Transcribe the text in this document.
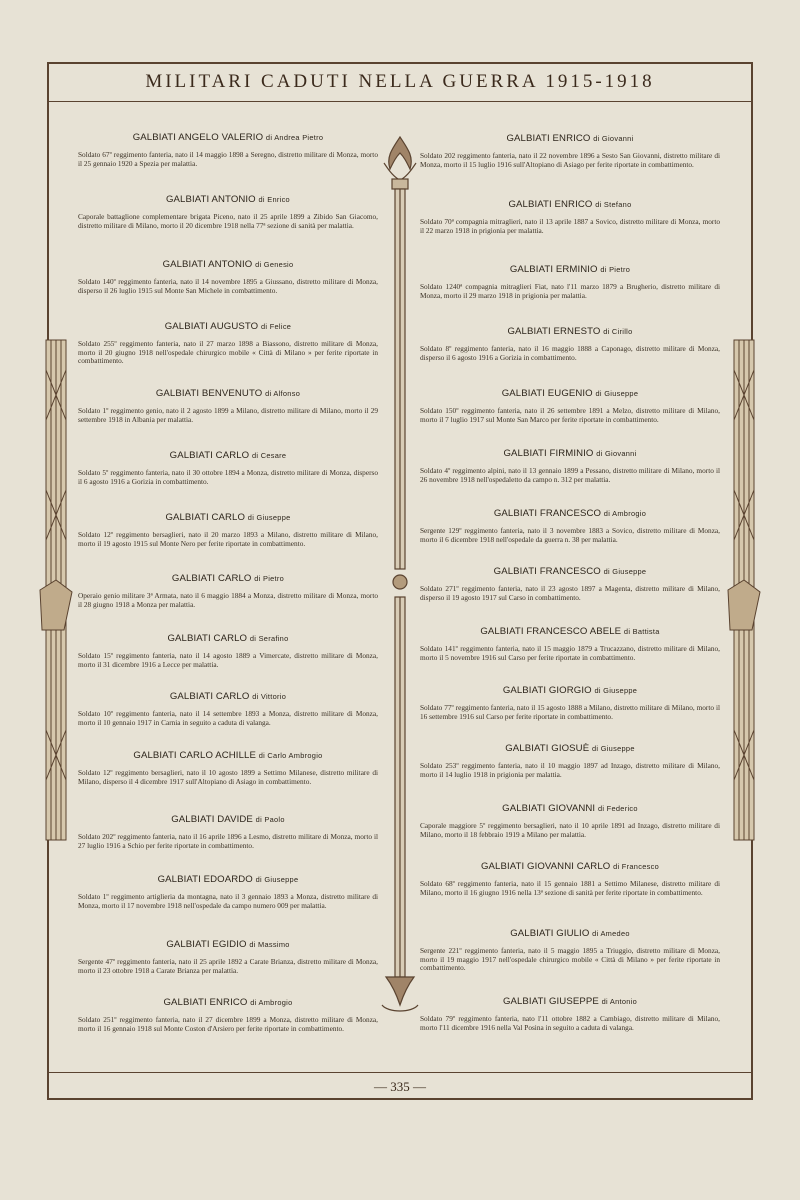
MILITARI CADUTI NELLA GUERRA 1915-1918
GALBIATI ANGELO VALERIO di Andrea Pietro
Soldato 67º reggimento fanteria, nato il 14 maggio 1898 a Seregno, distretto militare di Monza, morto il 25 gennaio 1920 a Spezia per malattia.
GALBIATI ANTONIO di Enrico
Caporale battaglione complementare brigata Piceno, nato il 25 aprile 1899 a Zibido San Giacomo, distretto militare di Milano, morto il 20 dicembre 1918 nella 77ª sezione di sanità per malattia.
GALBIATI ANTONIO di Genesio
Soldato 140º reggimento fanteria, nato il 14 novembre 1895 a Giussano, distretto militare di Monza, disperso il 26 luglio 1915 sul Monte San Michele in combattimento.
GALBIATI AUGUSTO di Felice
Soldato 255º reggimento fanteria, nato il 27 marzo 1898 a Biassono, distretto militare di Monza, morto il 20 giugno 1918 nell'ospedale chirurgico mobile « Città di Milano » per ferite riportate in combattimento.
GALBIATI BENVENUTO di Alfonso
Soldato 1º reggimento genio, nato il 2 agosto 1899 a Milano, distretto militare di Milano, morto il 29 settembre 1918 in Albania per malattia.
GALBIATI CARLO di Cesare
Soldato 5º reggimento fanteria, nato il 30 ottobre 1894 a Monza, distretto militare di Monza, disperso il 6 agosto 1916 a Gorizia in combattimento.
GALBIATI CARLO di Giuseppe
Soldato 12º reggimento bersaglieri, nato il 20 marzo 1893 a Milano, distretto militare di Milano, morto il 19 agosto 1915 sul Monte Nero per ferite riportate in combattimento.
GALBIATI CARLO di Pietro
Operaio genio militare 3ª Armata, nato il 6 maggio 1884 a Monza, distretto militare di Monza, morto il 28 giugno 1918 a Monza per malattia.
GALBIATI CARLO di Serafino
Soldato 15º reggimento fanteria, nato il 14 agosto 1889 a Vimercate, distretto militare di Monza, morto il 31 dicembre 1916 a Lecce per malattia.
GALBIATI CARLO di Vittorio
Soldato 10º reggimento fanteria, nato il 14 settembre 1893 a Monza, distretto militare di Monza, morto il 10 gennaio 1917 in Carnia in seguito a caduta di valanga.
GALBIATI CARLO ACHILLE di Carlo Ambrogio
Soldato 12º reggimento bersaglieri, nato il 10 agosto 1899 a Settimo Milanese, distretto militare di Milano, disperso il 4 dicembre 1917 sull'Altopiano di Asiago in combattimento.
GALBIATI DAVIDE di Paolo
Soldato 202º reggimento fanteria, nato il 16 aprile 1896 a Lesmo, distretto militare di Monza, morto il 27 luglio 1916 a Schio per ferite riportate in combattimento.
GALBIATI EDOARDO di Giuseppe
Soldato 1º reggimento artiglieria da montagna, nato il 3 gennaio 1893 a Monza, distretto militare di Monza, morto il 17 novembre 1918 nell'ospedale da campo numero 009 per malattia.
GALBIATI EGIDIO di Massimo
Sergente 47º reggimento fanteria, nato il 25 aprile 1892 a Carate Brianza, distretto militare di Monza, morto il 23 ottobre 1918 a Carate Brianza per malattia.
GALBIATI ENRICO di Ambrogio
Soldato 251º reggimento fanteria, nato il 27 dicembre 1899 a Monza, distretto militare di Monza, morto il 16 gennaio 1918 sul Monte Coston d'Arsiero per ferite riportate in combattimento.
GALBIATI ENRICO di Giovanni
Soldato 202 reggimento fanteria, nato il 22 novembre 1896 a Sesto San Giovanni, distretto militare di Monza, morto il 15 luglio 1916 sull'Altopiano di Asiago per ferite riportate in combattimento.
GALBIATI ENRICO di Stefano
Soldato 70ª compagnia mitraglieri, nato il 13 aprile 1887 a Sovico, distretto militare di Monza, morto il 22 marzo 1918 in prigionia per malattia.
GALBIATI ERMINIO di Pietro
Soldato 1240ª compagnia mitraglieri Fiat, nato l'11 marzo 1879 a Brugherio, distretto militare di Monza, morto il 29 marzo 1918 in prigionia per malattia.
GALBIATI ERNESTO di Cirillo
Soldato 8º reggimento fanteria, nato il 16 maggio 1888 a Caponago, distretto militare di Monza, disperso il 6 agosto 1916 a Gorizia in combattimento.
GALBIATI EUGENIO di Giuseppe
Soldato 150º reggimento fanteria, nato il 26 settembre 1891 a Melzo, distretto militare di Milano, morto il 7 luglio 1917 sul Monte San Marco per ferite riportate in combattimento.
GALBIATI FIRMINIO di Giovanni
Soldato 4º reggimento alpini, nato il 13 gennaio 1899 a Pessano, distretto militare di Milano, morto il 26 novembre 1918 nell'ospedaletto da campo n. 312 per malattia.
GALBIATI FRANCESCO di Ambrogio
Sergente 129º reggimento fanteria, nato il 3 novembre 1883 a Sovico, distretto militare di Monza, morto il 6 dicembre 1918 nell'ospedale da guerra n. 38 per malattia.
GALBIATI FRANCESCO di Giuseppe
Soldato 271º reggimento fanteria, nato il 23 agosto 1897 a Magenta, distretto militare di Milano, disperso il 19 agosto 1917 sul Carso in combattimento.
GALBIATI FRANCESCO ABELE di Battista
Soldato 141º reggimento fanteria, nato il 15 maggio 1879 a Trucazzano, distretto militare di Milano, morto il 5 novembre 1916 sul Carso per ferite riportate in combattimento.
GALBIATI GIORGIO di Giuseppe
Soldato 77º reggimento fanteria, nato il 15 agosto 1888 a Milano, distretto militare di Milano, morto il 16 settembre 1916 sul Carso per ferite riportate in combattimento.
GALBIATI GIOSUÈ di Giuseppe
Soldato 253º reggimento fanteria, nato il 10 maggio 1897 ad Inzago, distretto militare di Milano, morto il 14 luglio 1918 in prigionia per malattia.
GALBIATI GIOVANNI di Federico
Caporale maggiore 5º reggimento bersaglieri, nato il 10 aprile 1891 ad Inzago, distretto militare di Milano, morto il 18 febbraio 1919 a Milano per malattia.
GALBIATI GIOVANNI CARLO di Francesco
Soldato 68º reggimento fanteria, nato il 15 gennaio 1881 a Settimo Milanese, distretto militare di Milano, morto il 16 giugno 1916 nella 13ª sezione di sanità per ferite riportate in combattimento.
GALBIATI GIULIO di Amedeo
Sergente 221º reggimento fanteria, nato il 5 maggio 1895 a Triuggio, distretto militare di Monza, morto il 19 maggio 1917 nell'ospedale chirurgico mobile « Città di Milano » per ferite riportate in combattimento.
GALBIATI GIUSEPPE di Antonio
Soldato 79º reggimento fanteria, nato l'11 ottobre 1882 a Cambiago, distretto militare di Milano, morto l'11 dicembre 1916 nella Val Posina in seguito a caduta di valanga.
— 335 —
